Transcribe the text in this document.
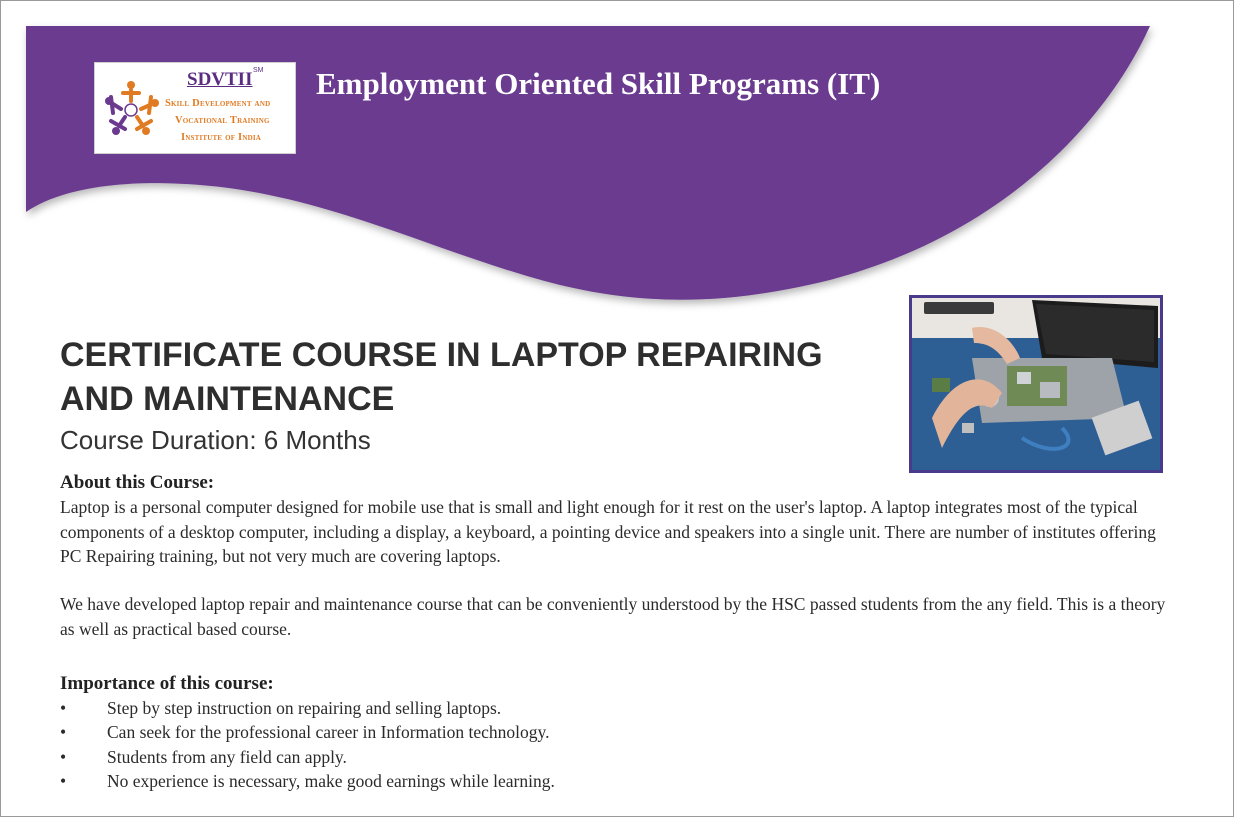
SM
SDVTII
Skill Development and
Vocational Training
Institute of India
Employment Oriented Skill Programs (IT)
CERTIFICATE COURSE IN LAPTOP REPAIRING AND MAINTENANCE
Course Duration: 6 Months
About this Course:

Laptop is a personal computer designed for mobile use that is small and light enough for it rest on the user's laptop. A laptop integrates most of the typical components of a desktop computer, including a display, a keyboard, a pointing device and speakers into a single unit. There are number of institutes offering PC Repairing training, but not very much are covering laptops.

We have developed laptop repair and maintenance course that can be conveniently understood by the HSC passed students from the any field. This is a theory as well as practical based course.

Importance of this course:
• Step by step instruction on repairing and selling laptops.
• Can seek for the professional career in Information technology.
• Students from any field can apply.
• No experience is necessary, make good earnings while learning.
